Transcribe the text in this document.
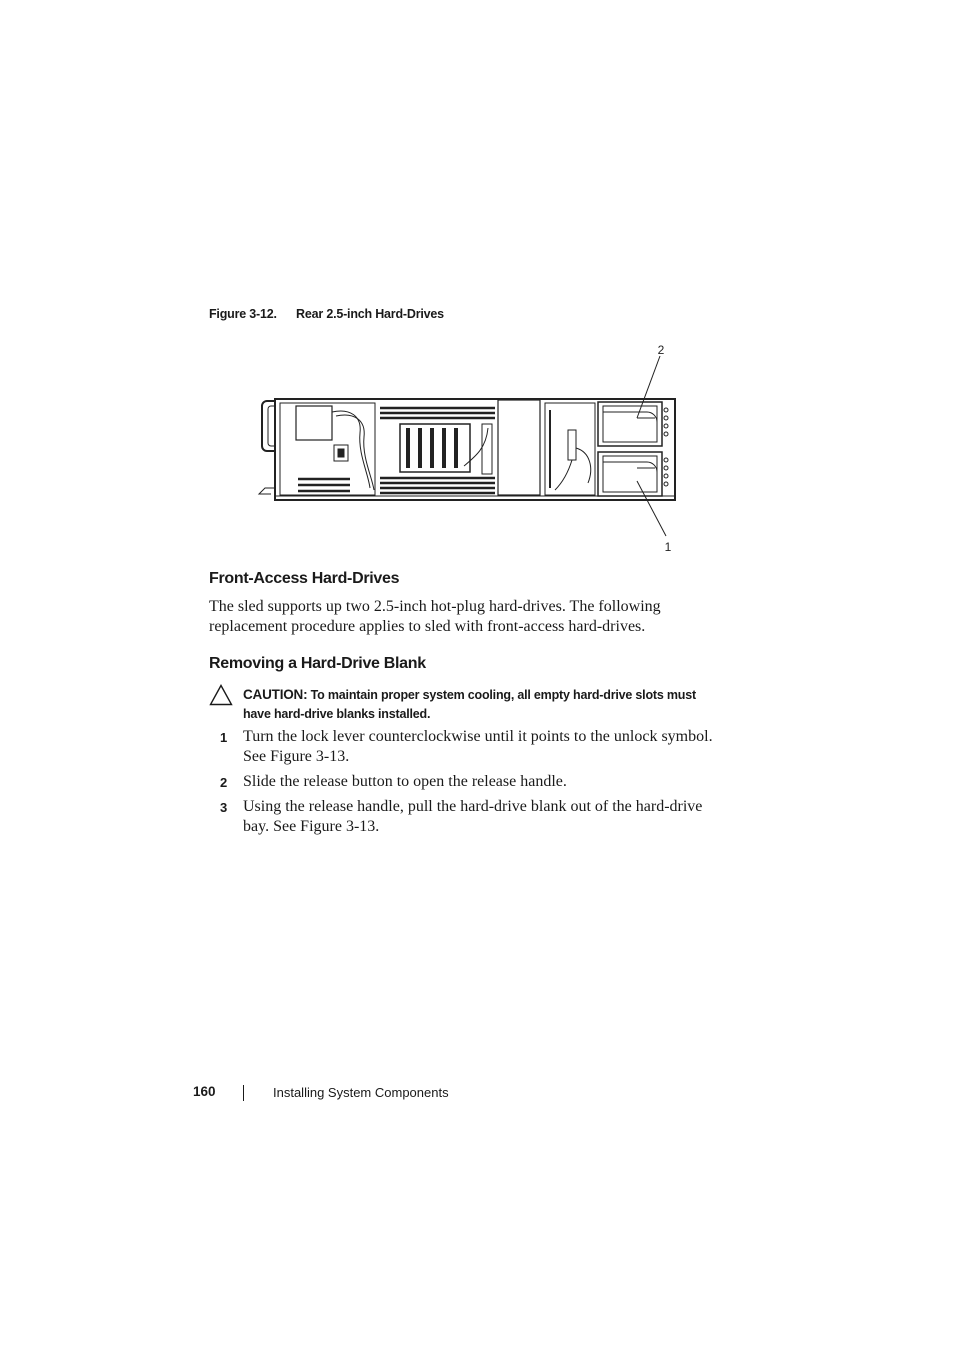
Figure 3-12. Rear 2.5-inch Hard-Drives
2
1
Front-Access Hard-Drives
The sled supports up two 2.5-inch hot-plug hard-drives. The following
replacement procedure applies to sled with front-access hard-drives.
Removing a Hard-Drive Blank
CAUTION: To maintain proper system cooling, all empty hard-drive slots must
have hard-drive blanks installed.
1 Turn the lock lever counterclockwise until it points to the unlock symbol.
See Figure 3-13.
2 Slide the release button to open the release handle.
3 Using the release handle, pull the hard-drive blank out of the hard-drive
bay. See Figure 3-13.
160	Installing System Components
